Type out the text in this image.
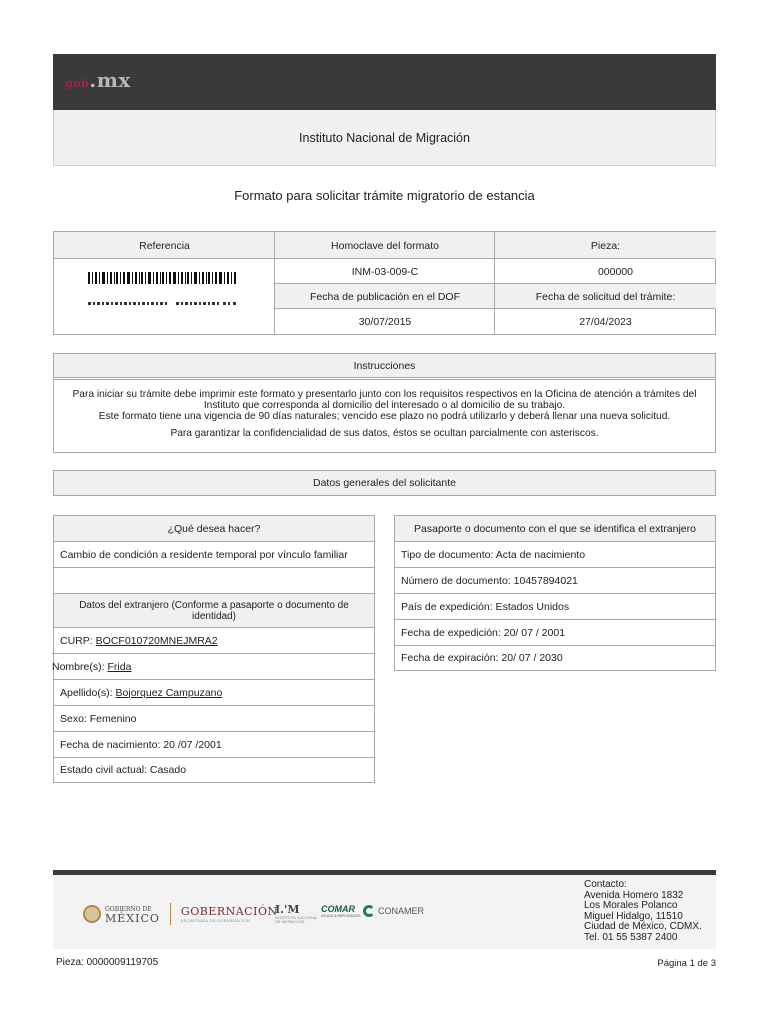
gob.mx
Instituto Nacional de Migración
Formato para solicitar trámite migratorio de estancia
Referencia	Homoclave del formato	Pieza:
INM-03-009-C	000000
Fecha de publicación en el DOF	Fecha de solicitud del trámite:
30/07/2015	27/04/2023
Instrucciones

Para iniciar su trámite debe imprimir este formato y presentarlo junto con los requisitos respectivos en la Oficina de atención a trámites del Instituto que corresponda al domicilio del interesado o al domicilio de su trabajo.

Este formato tiene una vigencia de 90 días naturales; vencido ese plazo no podrá utilizarlo y deberá llenar una nueva solicitud.

Para garantizar la confidencialidad de sus datos, éstos se ocultan parcialmente con asteriscos.

Datos generales del solicitante
¿Qué desea hacer?
Cambio de condición a residente temporal por vínculo familiar
Datos del extranjero (Conforme a pasaporte o documento de identidad)
CURP: BOCF010720MNEJMRA2
Nombre(s): Frida
Apellido(s): Bojorquez Campuzano
Sexo: Femenino
Fecha de nacimiento: 20 /07 /2001
Estado civil actual: Casado
Pasaporte o documento con el que se identifica el extranjero
Tipo de documento: Acta de nacimiento
Número de documento: 10457894021
País de expedición: Estados Unidos
Fecha de expedición: 20/ 07 / 2001
Fecha de expiración: 20/ 07 / 2030
GOBIERNO DE
MÉXICO
GOBERNACIÓN
SECRETARÍA DE GOBERNACIÓN
I.'M
INSTITUTO NACIONAL
DE MIGRACIÓN
COMAR
AYUDA A REFUGIADOS CONAMER
Contacto:
Avenida Homero 1832
Los Morales Polanco
Miguel Hidalgo, 11510
Ciudad de México, CDMX.
Tel. 01 55 5387 2400
Pieza: 0000009119705	Página 1 de 3
